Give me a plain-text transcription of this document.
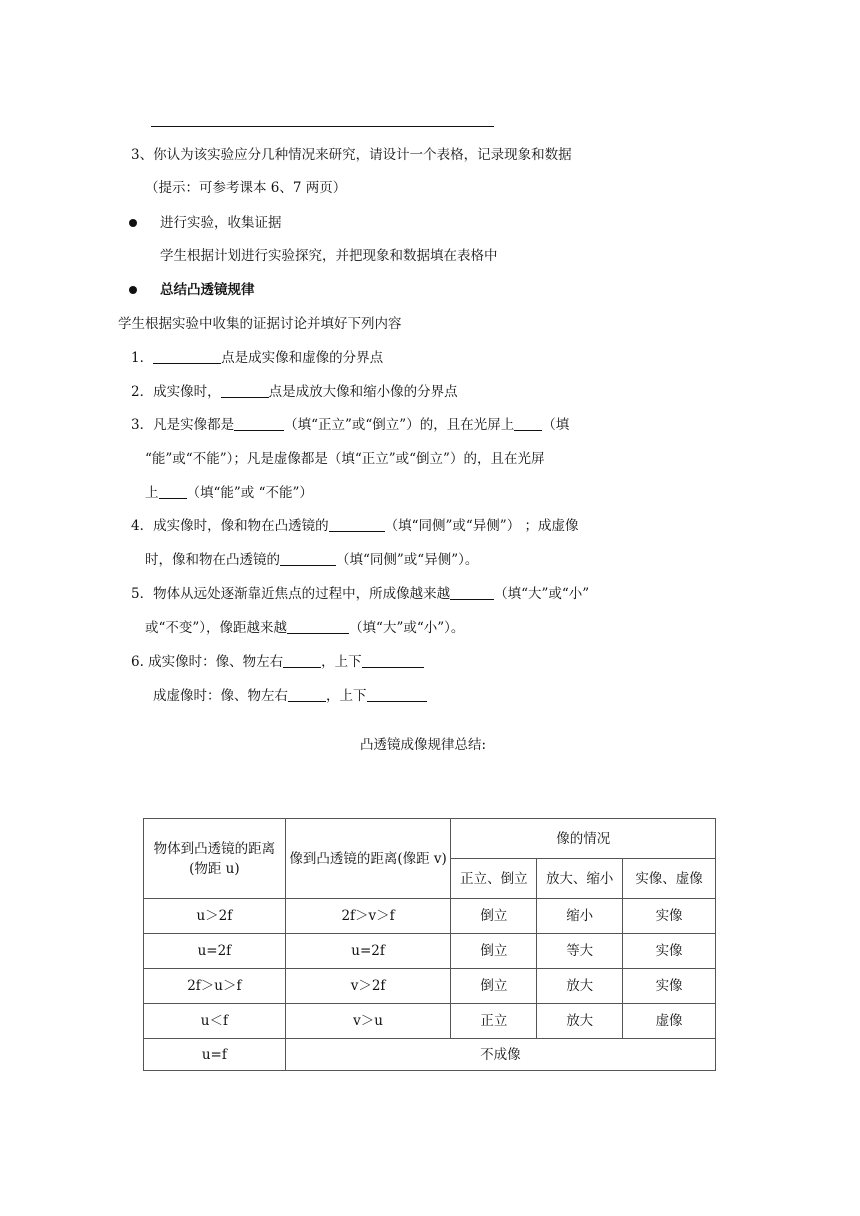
3、你认为该实验应分几种情况来研究，请设计一个表格，记录现象和数据
（提示：可参考课本 6、7 两页）
进行实验，收集证据
学生根据计划进行实验探究，并把现象和数据填在表格中
总结凸透镜规律
学生根据实验中收集的证据讨论并填好下列内容
1．	点是成实像和虚像的分界点
2．成实像时，	点是成放大像和缩小像的分界点
3．凡是实像都是	（填“正立”或“倒立”）的，且在光屏上 （填
“能”或“不能”）；凡是虚像都是（填“正立”或“倒立”）的，且在光屏
上 （填“能”或 “不能”）
4．成实像时，像和物在凸透镜的	（填“同侧”或“异侧”） ；成虚像
时，像和物在凸透镜的	（填“同侧”或“异侧”）。
5．物体从远处逐渐靠近焦点的过程中，所成像越来越	（填“大”或“小”
或“不变”），像距越来越	（填“大”或“小”）。
6. 成实像时：像、物左右	，上下
成虚像时：像、物左右	，上下
凸透镜成像规律总结:
物体到凸透镜的距离(物距 u)	像到凸透镜的距离(像距 v)	像的情况		
		正立、倒立	放大、缩小	实像、虚像
u＞2f	2f＞v＞f	倒立	缩小	实像
u=2f	u=2f	倒立	等大	实像
2f＞u＞f	v＞2f	倒立	放大	实像
u＜f	v＞u	正立	放大	虚像
u=f	不成像			
